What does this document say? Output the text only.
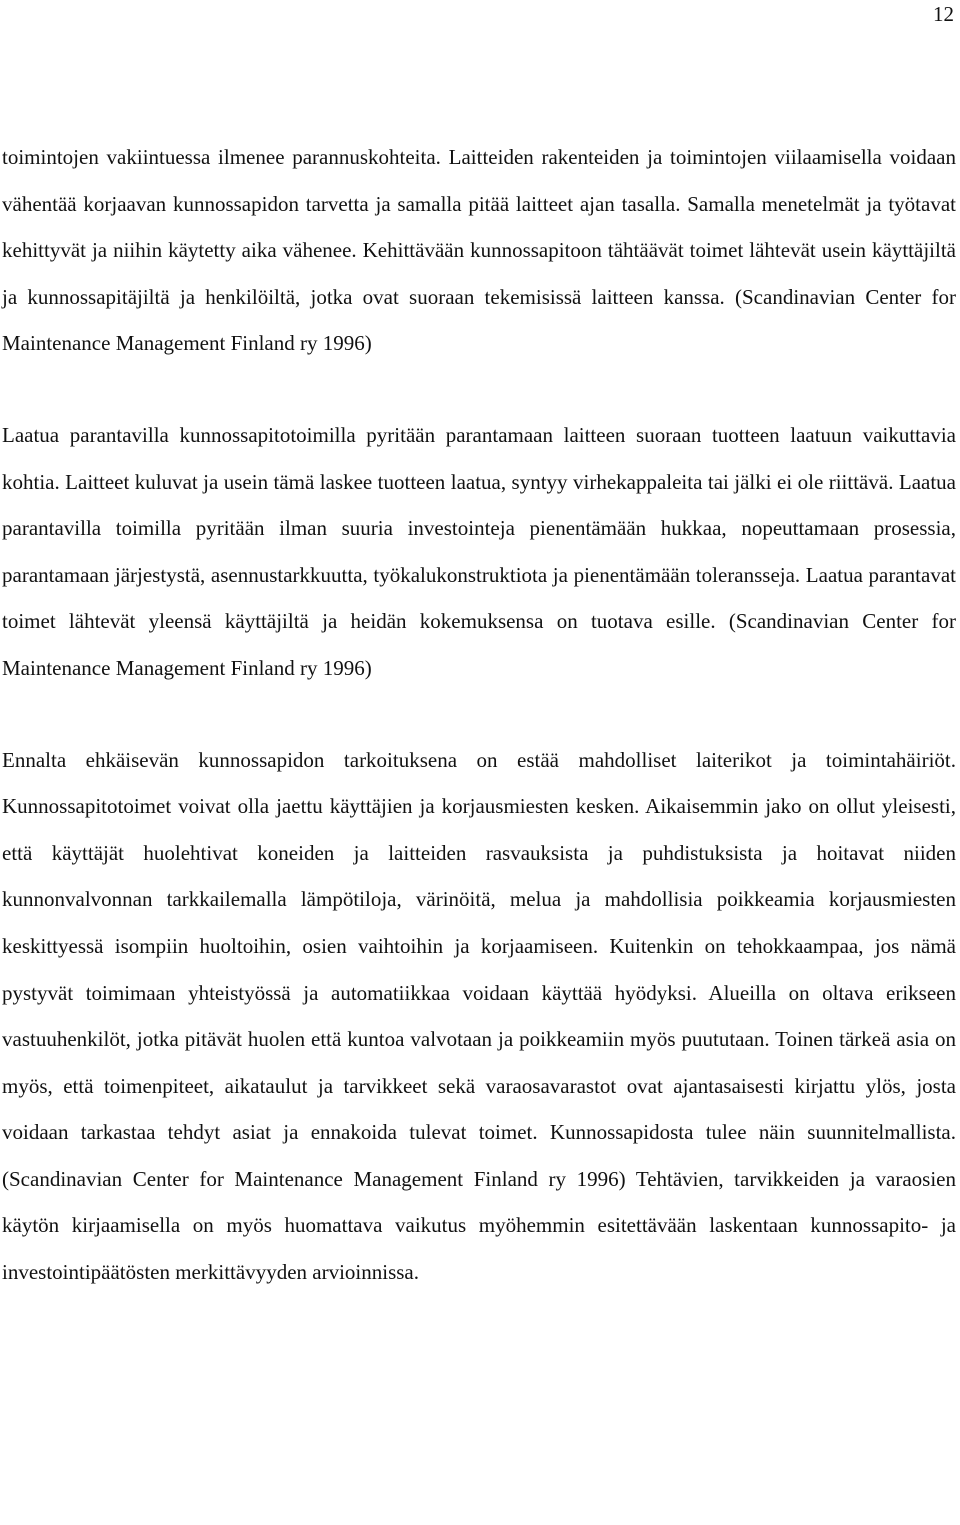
12

toimintojen vakiintuessa ilmenee parannuskohteita. Laitteiden rakenteiden ja toimintojen viilaamisella voidaan vähentää korjaavan kunnossapidon tarvetta ja samalla pitää laitteet ajan tasalla. Samalla menetelmät ja työtavat kehittyvät ja niihin käytetty aika vähenee. Kehittävään kunnossapitoon tähtäävät toimet lähtevät usein käyttäjiltä ja kunnossapitäjiltä ja henkilöiltä, jotka ovat suoraan tekemisissä laitteen kanssa. (Scandinavian Center for Maintenance Management Finland ry 1996)

Laatua parantavilla kunnossapitotoimilla pyritään parantamaan laitteen suoraan tuotteen laatuun vaikuttavia kohtia. Laitteet kuluvat ja usein tämä laskee tuotteen laatua, syntyy virhekappaleita tai jälki ei ole riittävä. Laatua parantavilla toimilla pyritään ilman suuria investointeja pienentämään hukkaa, nopeuttamaan prosessia, parantamaan järjestystä, asennustarkkuutta, työkalukonstruktiota ja pienentämään toleransseja. Laatua parantavat toimet lähtevät yleensä käyttäjiltä ja heidän kokemuksensa on tuotava esille. (Scandinavian Center for Maintenance Management Finland ry 1996)

Ennalta ehkäisevän kunnossapidon tarkoituksena on estää mahdolliset laiterikot ja toimintahäiriöt. Kunnossapitotoimet voivat olla jaettu käyttäjien ja korjausmiesten kesken. Aikaisemmin jako on ollut yleisesti, että käyttäjät huolehtivat koneiden ja laitteiden rasvauksista ja puhdistuksista ja hoitavat niiden kunnonvalvonnan tarkkailemalla lämpötiloja, värinöitä, melua ja mahdollisia poikkeamia korjausmiesten keskittyessä isompiin huoltoihin, osien vaihtoihin ja korjaamiseen. Kuitenkin on tehokkaampaa, jos nämä pystyvät toimimaan yhteistyössä ja automatiikkaa voidaan käyttää hyödyksi. Alueilla on oltava erikseen vastuuhenkilöt, jotka pitävät huolen että kuntoa valvotaan ja poikkeamiin myös puututaan. Toinen tärkeä asia on myös, että toimenpiteet, aikataulut ja tarvikkeet sekä varaosavarastot ovat ajantasaisesti kirjattu ylös, josta voidaan tarkastaa tehdyt asiat ja ennakoida tulevat toimet. Kunnossapidosta tulee näin suunnitelmallista. (Scandinavian Center for Maintenance Management Finland ry 1996) Tehtävien, tarvikkeiden ja varaosien käytön kirjaamisella on myös huomattava vaikutus myöhemmin esitettävään laskentaan kunnossapito- ja investointipäätösten merkittävyyden arvioinnissa.
